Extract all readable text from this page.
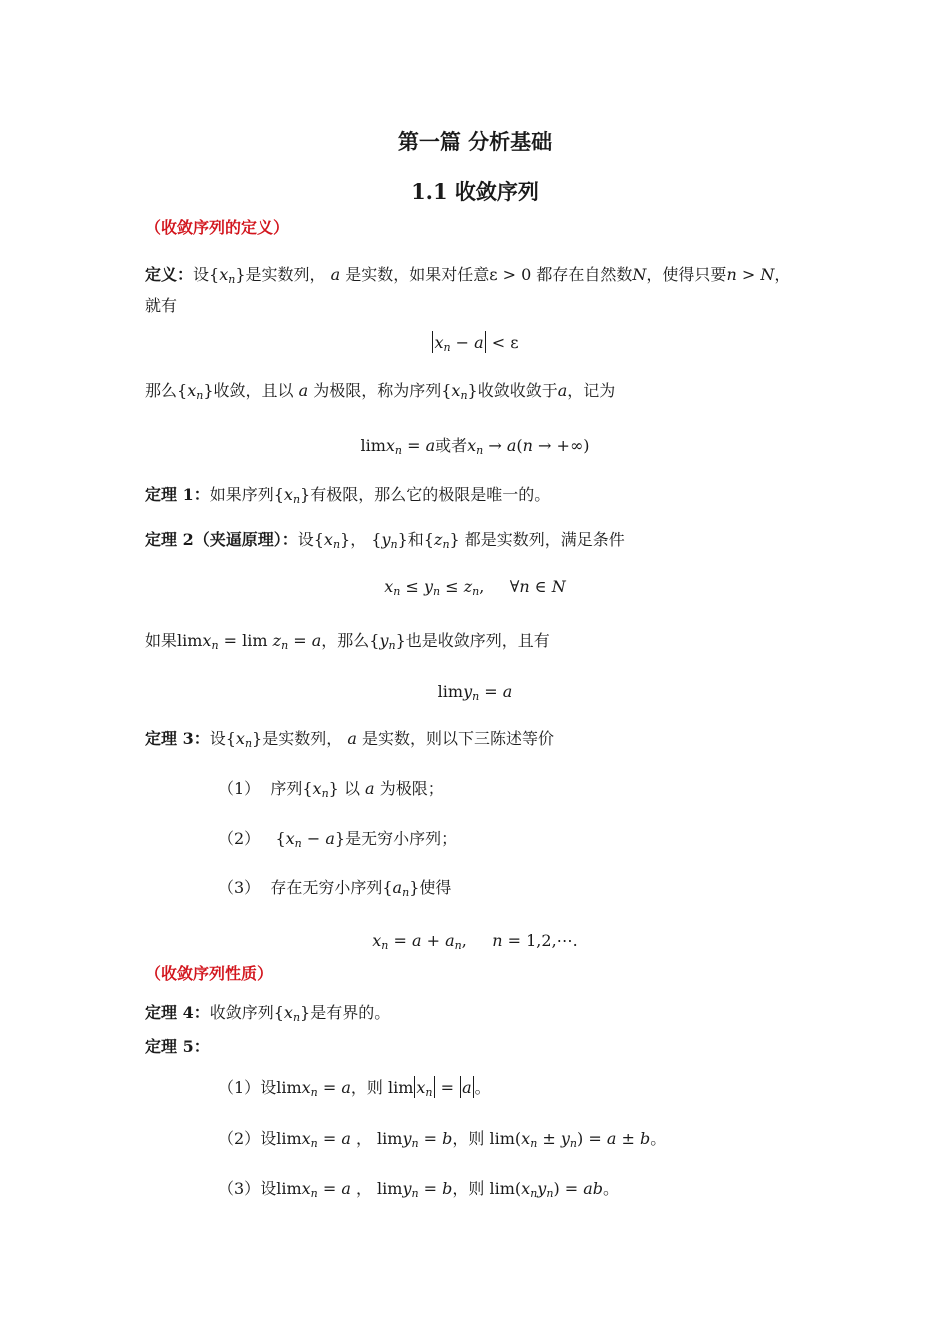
第一篇 分析基础
1.1 收敛序列
（收敛序列的定义）
定义：设$\{x_n\}$是实数列， a 是实数，如果对任意ε > 0 都存在自然数N，使得只要n > N，
就有
$x_n - a < \varepsilon$
那么$\{x_n\}$收敛，且以 a 为极限，称为序列$\{x_n\}$收敛收敛于a，记为
limx$_n$ = a或者$x_n \to a(n$ → +∞)
定理 1：如果序列$\{x_n\}$有极限，那么它的极限是唯一的。
定理 2（夹逼原理）：设$\{x_n\}$， $\{y_n\}$和$\{z_n\}$ 都是实数列，满足条件
$x_n \le y_n \le z_n$,     ∀n ∈ N
如果$\lim x_n = \lim z_n = a$，那么$\{y_n\}$也是收敛序列，且有
limy$_n$ = a
定理 3：设$\{x_n\}$是实数列， a 是实数，则以下三陈述等价
（1） 序列$\{x_n\}$ 以 a 为极限；
（2） $\{x_n - a\}$是无穷小序列；
（3） 存在无穷小序列$\{a_n\}$使得
$x_n = a + a_n$,     n = 1,2,⋯.
（收敛序列性质）
定理 4：收敛序列$\{x_n\}$是有界的。
定理 5：
（1）设limx$_n$ = a，则 $\lim x_n = a$ 。
（2）设limx$_n$ = a ， limy$_n$ = b，则 $\lim(x_n \pm y_n) = a \pm b$。
（3）设limx$_n$ = a ， limy$_n$ = b，则 $\lim(x_ny_n)$ = ab。
